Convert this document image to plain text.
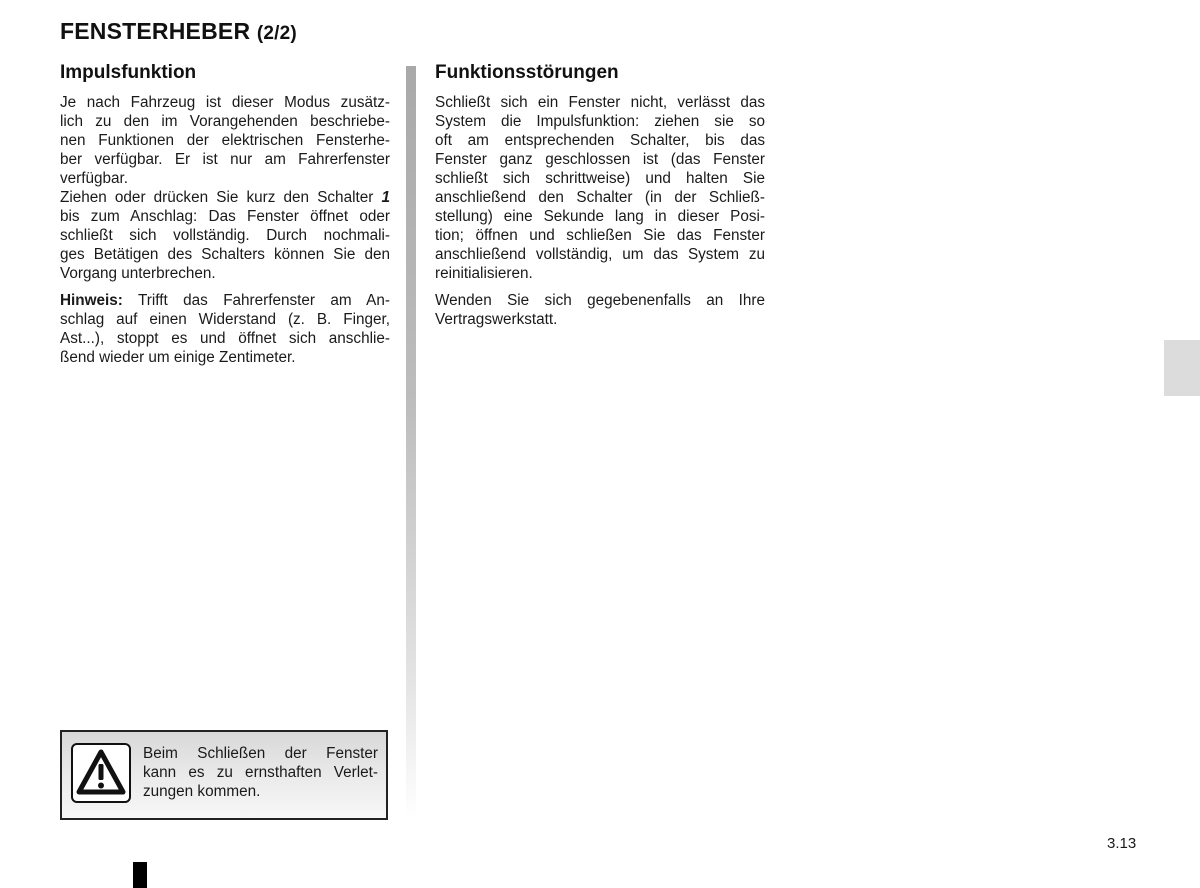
FENSTERHEBER (2/2)
Impulsfunktion

Je nach Fahrzeug ist dieser Modus zusätz-
lich zu den im Vorangehenden beschriebe-
nen Funktionen der elektrischen Fensterhe-
ber verfügbar. Er ist nur am Fahrerfenster
verfügbar.

Ziehen oder drücken Sie kurz den Schalter 1
bis zum Anschlag: Das Fenster öffnet oder
schließt sich vollständig. Durch nochmali-
ges Betätigen des Schalters können Sie den
Vorgang unterbrechen.

Hinweis: Trifft das Fahrerfenster am An-
schlag auf einen Widerstand (z. B. Finger,
Ast...), stoppt es und öffnet sich anschlie-
ßend wieder um einige Zentimeter.

Funktionsstörungen

Schließt sich ein Fenster nicht, verlässt das
System die Impulsfunktion: ziehen sie so
oft am entsprechenden Schalter, bis das
Fenster ganz geschlossen ist (das Fenster
schließt sich schrittweise) und halten Sie
anschließend den Schalter (in der Schließ-
stellung) eine Sekunde lang in dieser Posi-
tion; öffnen und schließen Sie das Fenster
anschließend vollständig, um das System zu
reinitialisieren.

Wenden Sie sich gegebenenfalls an Ihre
Vertragswerkstatt.

Beim Schließen der Fenster
kann es zu ernsthaften Verlet-
zungen kommen.

3.13
